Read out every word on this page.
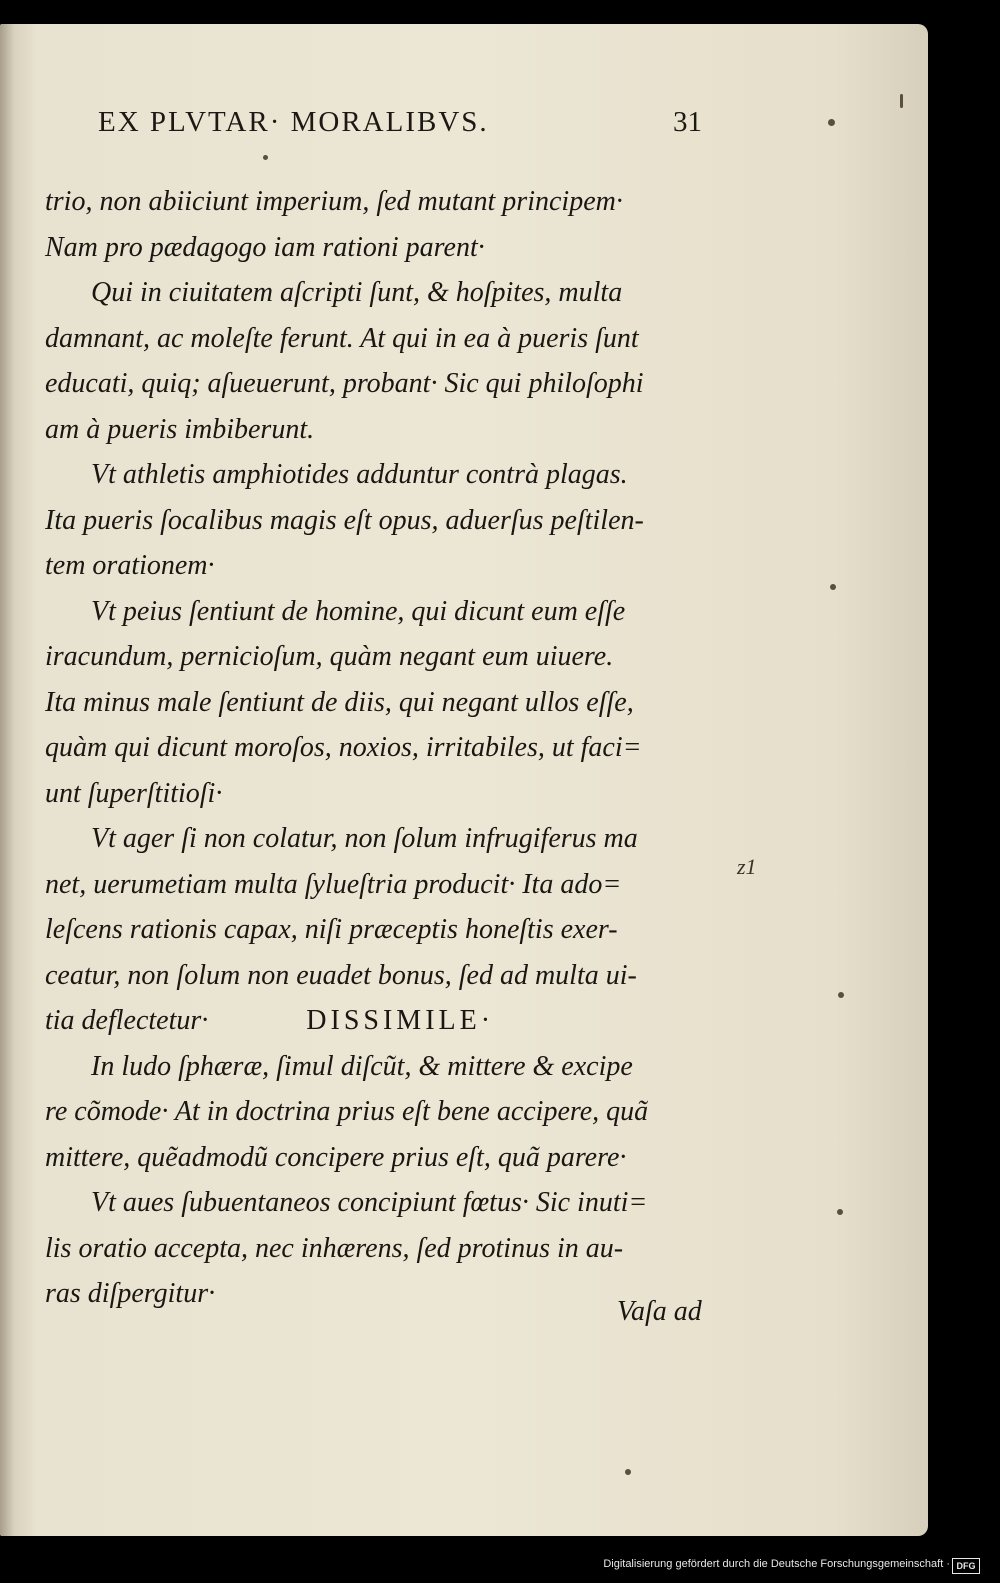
EX PLVTAR· MORALIBVS.	31
trio, non abiiciunt imperium, ſed mutant principem·
Nam pro pædagogo iam rationi parent·
Qui in ciuitatem aſcripti ſunt, & hoſpites, multa
damnant, ac moleſte ferunt. At qui in ea à pueris ſunt
educati, quiq; aſueuerunt, probant· Sic qui philoſophi
am à pueris imbiberunt.
Vt athletis amphiotides adduntur contrà plagas.
Ita pueris ſocalibus magis eſt opus, aduerſus peſtilen-
tem orationem·
Vt peius ſentiunt de homine, qui dicunt eum eſſe
iracundum, pernicioſum, quàm negant eum uiuere.
Ita minus male ſentiunt de diis, qui negant ullos eſſe,
quàm qui dicunt moroſos, noxios, irritabiles, ut faci=
unt ſuperſtitioſi·
Vt ager ſi non colatur, non ſolum infrugiferus ma
net, uerumetiam multa ſylueſtria producit· Ita ado=
leſcens rationis capax, niſi præceptis honeſtis exer-
ceatur, non ſolum non euadet bonus, ſed ad multa ui-
tia deflectetur·	DISSIMILE·
In ludo ſphæræ, ſimul diſcũt, & mittere & excipe
re cõmode· At in doctrina prius eſt bene accipere, quã
mittere, quẽadmodũ concipere prius eſt, quã parere·
Vt aues ſubuentaneos concipiunt fœtus· Sic inuti=
lis oratio accepta, nec inhærens, ſed protinus in au-
ras diſpergitur·
z1
Vaſa ad
Digitalisierung gefördert durch die Deutsche Forschungsgemeinschaft · DFG
